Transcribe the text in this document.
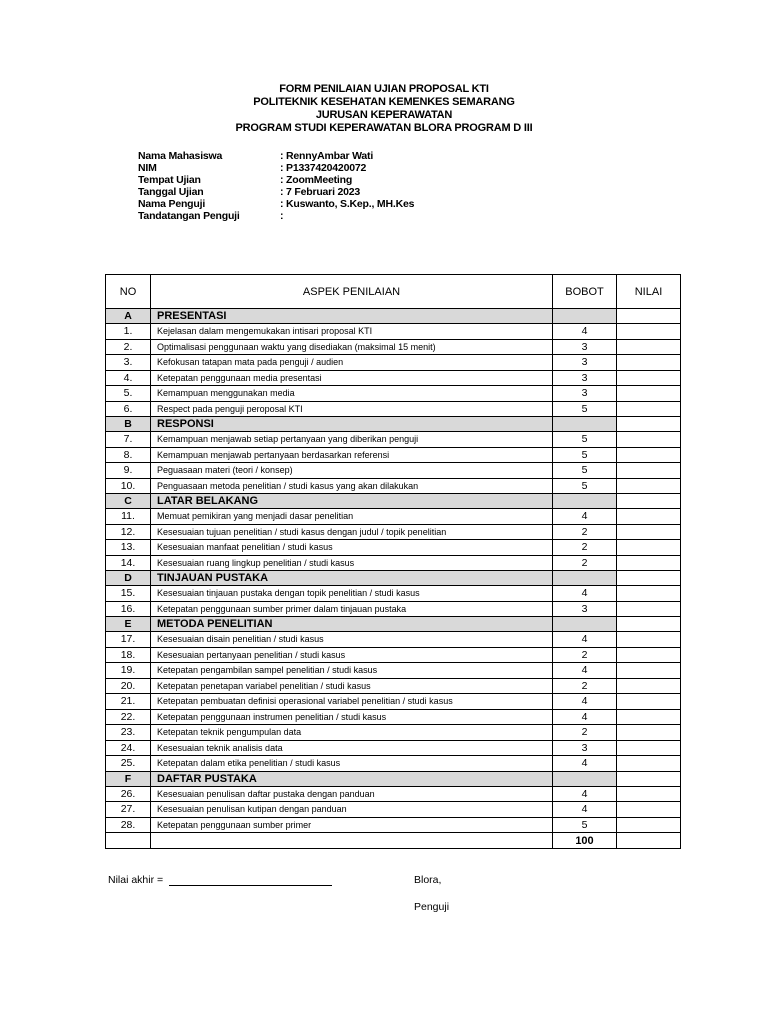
FORM PENILAIAN UJIAN PROPOSAL KTI
POLITEKNIK KESEHATAN KEMENKES SEMARANG
JURUSAN KEPERAWATAN
PROGRAM STUDI KEPERAWATAN BLORA PROGRAM D III
Nama Mahasiswa	: RennyAmbar Wati
NIM	: P1337420420072
Tempat Ujian	: ZoomMeeting
Tanggal Ujian	: 7 Februari 2023
Nama Penguji	: Kuswanto, S.Kep., MH.Kes
Tandatangan Penguji	:
NO	ASPEK PENILAIAN	BOBOT	NILAI
A	PRESENTASI		
1.	Kejelasan dalam mengemukakan intisari proposal KTI	4	
2.	Optimalisasi penggunaan waktu yang disediakan (maksimal 15 menit)	3	
3.	Kefokusan tatapan mata pada penguji / audien	3	
4.	Ketepatan penggunaan media presentasi	3	
5.	Kemampuan menggunakan media	3	
6.	Respect pada penguji peroposal KTI	5	
B	RESPONSI		
7.	Kemampuan menjawab setiap pertanyaan yang diberikan penguji	5	
8.	Kemampuan menjawab pertanyaan berdasarkan referensi	5	
9.	Peguasaan materi (teori / konsep)	5	
10.	Penguasaan metoda penelitian / studi kasus yang akan dilakukan	5	
C	LATAR BELAKANG		
11.	Memuat pemikiran yang menjadi dasar penelitian	4	
12.	Kesesuaian tujuan penelitian / studi kasus dengan judul / topik penelitian	2	
13.	Kesesuaian manfaat penelitian / studi kasus	2	
14.	Kesesuaian ruang lingkup penelitian / studi kasus	2	
D	TINJAUAN PUSTAKA		
15.	Kesesuaian tinjauan pustaka dengan topik penelitian / studi kasus	4	
16.	Ketepatan penggunaan sumber primer dalam tinjauan pustaka	3	
E	METODA PENELITIAN		
17.	Kesesuaian disain penelitian / studi kasus	4	
18.	Kesesuaian pertanyaan penelitian / studi kasus	2	
19.	Ketepatan pengambilan sampel penelitian / studi kasus	4	
20.	Ketepatan penetapan variabel penelitian / studi kasus	2	
21.	Ketepatan pembuatan definisi operasional variabel penelitian / studi kasus	4	
22.	Ketepatan penggunaan instrumen penelitian / studi kasus	4	
23.	Ketepatan teknik pengumpulan data	2	
24.	Kesesuaian teknik analisis data	3	
25.	Ketepatan dalam etika penelitian / studi kasus	4	
F	DAFTAR PUSTAKA		
26.	Kesesuaian penulisan daftar pustaka dengan panduan	4	
27.	Kesesuaian penulisan kutipan dengan panduan	4	
28.	Ketepatan penggunaan sumber primer	5	
		100	
Nilai akhir =	Blora,
Penguji
